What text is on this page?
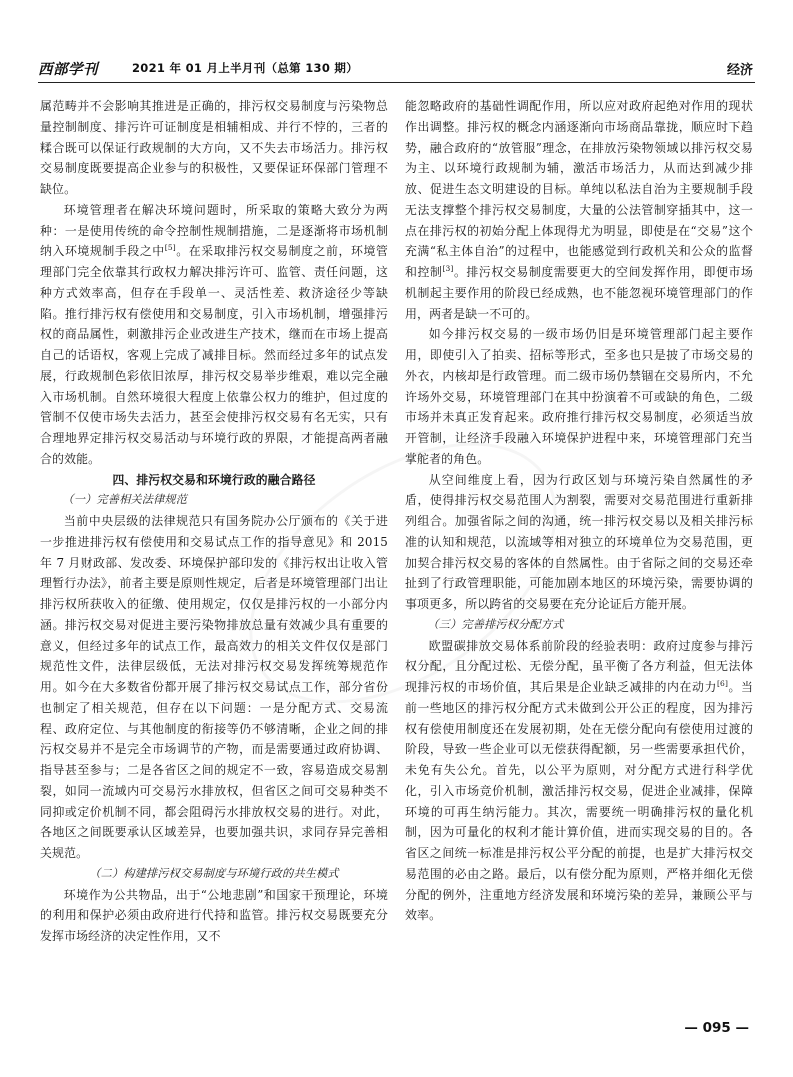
西部学刊	2021 年 01 月上半月刊（总第 130 期）	经济

属范畴并不会影响其推进是正确的，排污权交易制度与污染物总量控制制度、排污许可证制度是相辅相成、并行不悖的，三者的糅合既可以保证行政规制的大方向，又不失去市场活力。排污权交易制度既要提高企业参与的积极性，又要保证环保部门管理不缺位。

环境管理者在解决环境问题时，所采取的策略大致分为两种：一是使用传统的命令控制性规制措施，二是逐渐将市场机制纳入环境规制手段之中[5]。在采取排污权交易制度之前，环境管理部门完全依靠其行政权力解决排污许可、监管、责任问题，这种方式效率高，但存在手段单一、灵活性差、救济途径少等缺陷。推行排污权有偿使用和交易制度，引入市场机制，增强排污权的商品属性，刺激排污企业改进生产技术，继而在市场上提高自己的话语权，客观上完成了减排目标。然而经过多年的试点发展，行政规制色彩依旧浓厚，排污权交易举步维艰，难以完全融入市场机制。自然环境很大程度上依靠公权力的维护，但过度的管制不仅使市场失去活力，甚至会使排污权交易有名无实，只有合理地界定排污权交易活动与环境行政的界限，才能提高两者融合的效能。

四、排污权交易和环境行政的融合路径

（一）完善相关法律规范

当前中央层级的法律规范只有国务院办公厅颁布的《关于进一步推进排污权有偿使用和交易试点工作的指导意见》和 2015 年 7 月财政部、发改委、环境保护部印发的《排污权出让收入管理暂行办法》，前者主要是原则性规定，后者是环境管理部门出让排污权所获收入的征缴、使用规定，仅仅是排污权的一小部分内涵。排污权交易对促进主要污染物排放总量有效减少具有重要的意义，但经过多年的试点工作，最高效力的相关文件仅仅是部门规范性文件，法律层级低，无法对排污权交易发挥统筹规范作用。如今在大多数省份都开展了排污权交易试点工作，部分省份也制定了相关规范，但存在以下问题：一是分配方式、交易流程、政府定位、与其他制度的衔接等仍不够清晰，企业之间的排污权交易并不是完全市场调节的产物，而是需要通过政府协调、指导甚至参与；二是各省区之间的规定不一致，容易造成交易割裂，如同一流域内可交易污水排放权，但省区之间可交易种类不同抑或定价机制不同，都会阻碍污水排放权交易的进行。对此，各地区之间既要承认区域差异，也要加强共识，求同存异完善相关规范。

（二）构建排污权交易制度与环境行政的共生模式

环境作为公共物品，出于“公地悲剧”和国家干预理论，环境的利用和保护必须由政府进行代持和监管。排污权交易既要充分发挥市场经济的决定性作用，又不

能忽略政府的基础性调配作用，所以应对政府起绝对作用的现状作出调整。排污权的概念内涵逐渐向市场商品靠拢，顺应时下趋势，融合政府的“放管服”理念，在排放污染物领域以排污权交易为主、以环境行政规制为辅，激活市场活力，从而达到减少排放、促进生态文明建设的目标。单纯以私法自治为主要规制手段无法支撑整个排污权交易制度，大量的公法管制穿插其中，这一点在排污权的初始分配上体现得尤为明显，即使是在“交易”这个充满“私主体自治”的过程中，也能感觉到行政机关和公众的监督和控制[3]。排污权交易制度需要更大的空间发挥作用，即便市场机制起主要作用的阶段已经成熟，也不能忽视环境管理部门的作用，两者是缺一不可的。

如今排污权交易的一级市场仍旧是环境管理部门起主要作用，即使引入了拍卖、招标等形式，至多也只是披了市场交易的外衣，内核却是行政管理。而二级市场仍禁锢在交易所内，不允许场外交易，环境管理部门在其中扮演着不可或缺的角色，二级市场并未真正发育起来。政府推行排污权交易制度，必须适当放开管制，让经济手段融入环境保护进程中来，环境管理部门充当掌舵者的角色。

从空间维度上看，因为行政区划与环境污染自然属性的矛盾，使得排污权交易范围人为割裂，需要对交易范围进行重新排列组合。加强省际之间的沟通，统一排污权交易以及相关排污标准的认知和规范，以流域等相对独立的环境单位为交易范围，更加契合排污权交易的客体的自然属性。由于省际之间的交易还牵扯到了行政管理职能，可能加剧本地区的环境污染，需要协调的事项更多，所以跨省的交易要在充分论证后方能开展。

（三）完善排污权分配方式

欧盟碳排放交易体系前阶段的经验表明：政府过度参与排污权分配，且分配过松、无偿分配，虽平衡了各方利益，但无法体现排污权的市场价值，其后果是企业缺乏减排的内在动力[6]。当前一些地区的排污权分配方式未做到公开公正的程度，因为排污权有偿使用制度还在发展初期，处在无偿分配向有偿使用过渡的阶段，导致一些企业可以无偿获得配额，另一些需要承担代价，未免有失公允。首先，以公平为原则，对分配方式进行科学优化，引入市场竞价机制，激活排污权交易，促进企业减排，保障环境的可再生纳污能力。其次，需要统一明确排污权的量化机制，因为可量化的权利才能计算价值，进而实现交易的目的。各省区之间统一标准是排污权公平分配的前提，也是扩大排污权交易范围的必由之路。最后，以有偿分配为原则，严格并细化无偿分配的例外，注重地方经济发展和环境污染的差异，兼顾公平与效率。

— 095 —
